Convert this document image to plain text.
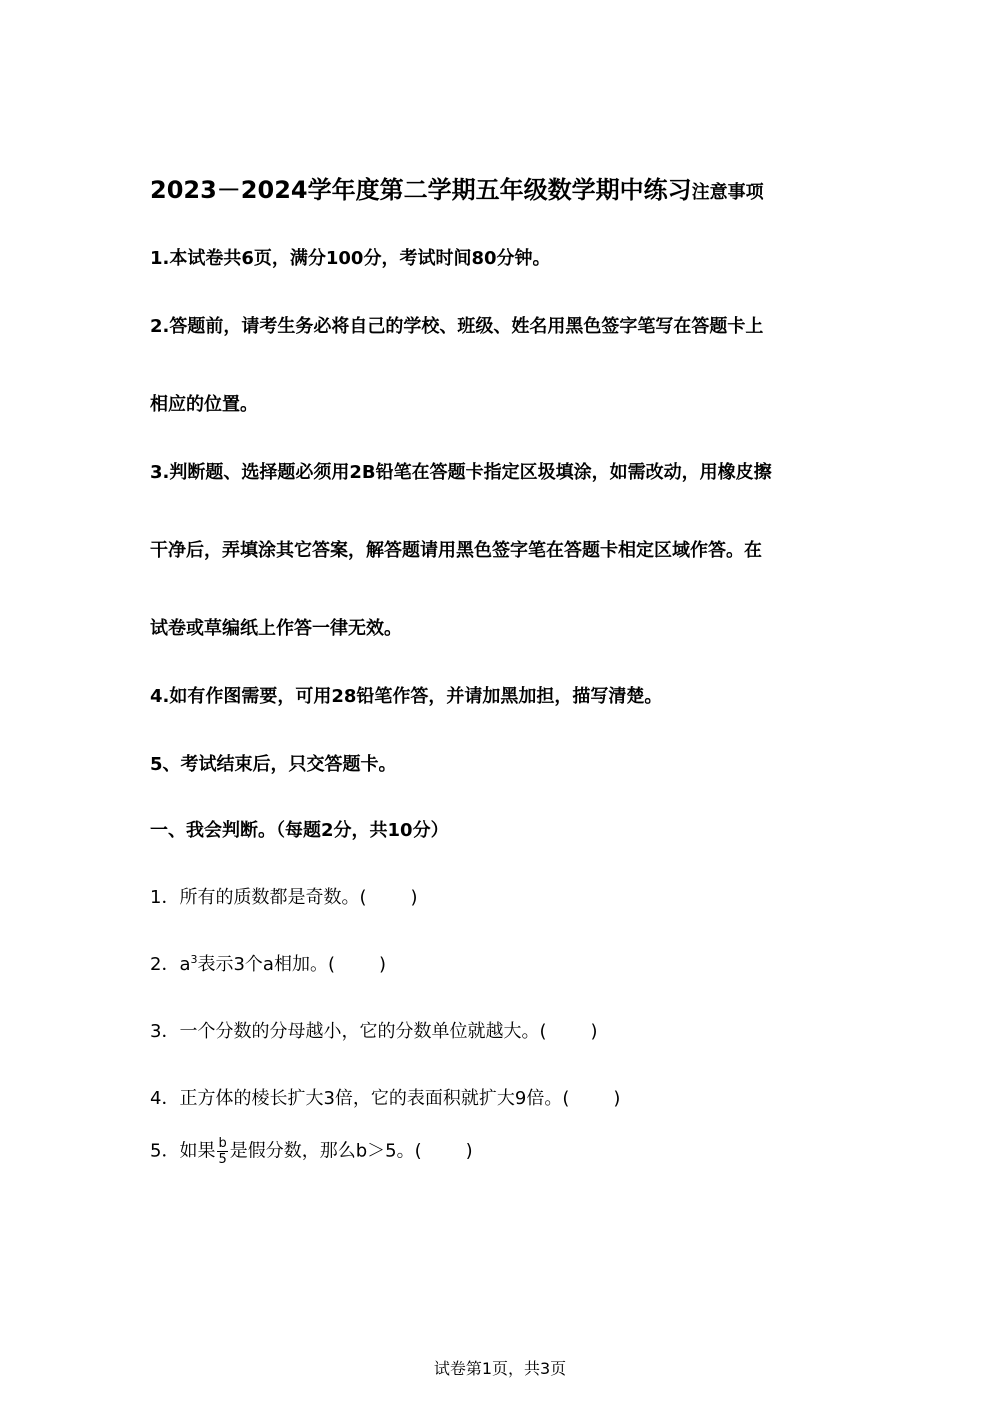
2023－2024学年度第二学期五年级数学期中练习注意事项
1.本试卷共6页，满分100分，考试时间80分钟。
2.答题前，请考生务必将自己的学校、班级、姓名用黑色签字笔写在答题卡上
相应的位置。
3.判断题、选择题必须用2B铅笔在答题卡指定区圾填涂，如需改动，用橡皮擦
干净后，弄填涂其它答案，解答题请用黑色签字笔在答题卡相定区域作答。在
试卷或草编纸上作答一律无效。
4.如有作图需要，可用28铅笔作答，并请加黑加担，描写清楚。
5、考试结束后，只交答题卡。
一、我会判断。（每题2分，共10分）
1．所有的质数都是奇数。( )
2．$a^3$表示3个a相加。( )
3．一个分数的分母越小，它的分数单位就越大。( )
4．正方体的棱长扩大3倍，它的表面积就扩大9倍。( )
5．如果 $\frac{b}{5}$ 是假分数，那么b＞5。( )
试卷第1页，共3页
